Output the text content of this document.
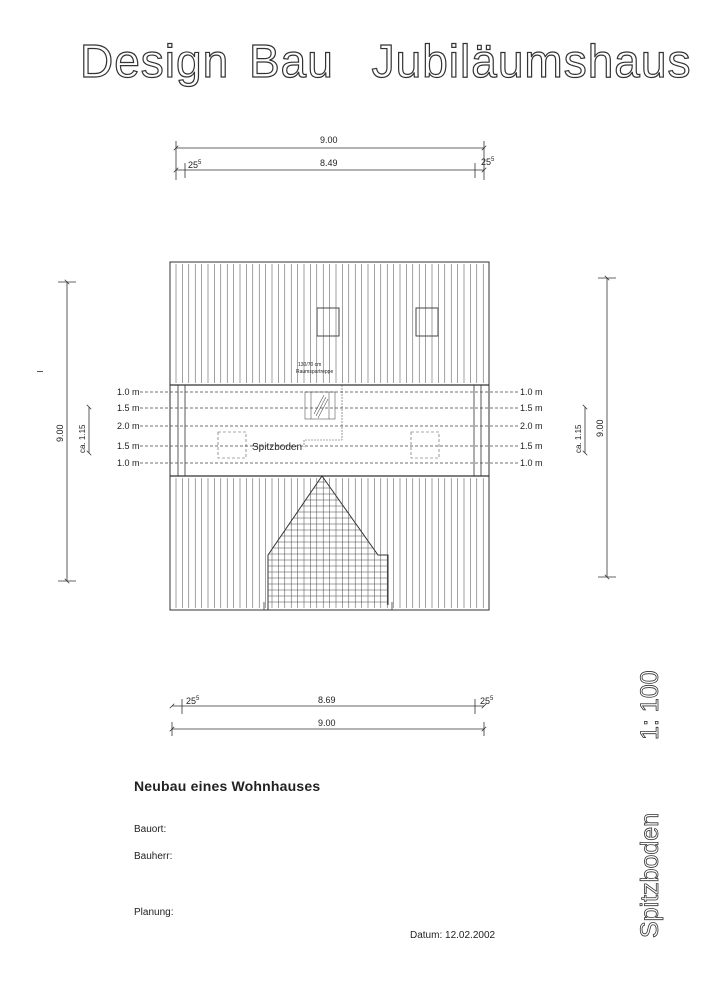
Design Bau Jubiläumshaus
9.00
8.49
$25^5$	$25^5$
8.69
9.00
$25^5$	$25^5$
9.00 ca. 1.15	9.00
ca. 1.15
Spitzboden
130/70 cm
Raumspartreppe
1.0 m	1.0 m
1.5 m	1.5 m
2.0 m	2.0 m
1.5 m	1.5 m
1.0 m	1.0 m
1: 100
Spitzboden
Neubau eines Wohnhauses
Bauort:
Bauherr:
Planung:
Datum: 12.02.2002
